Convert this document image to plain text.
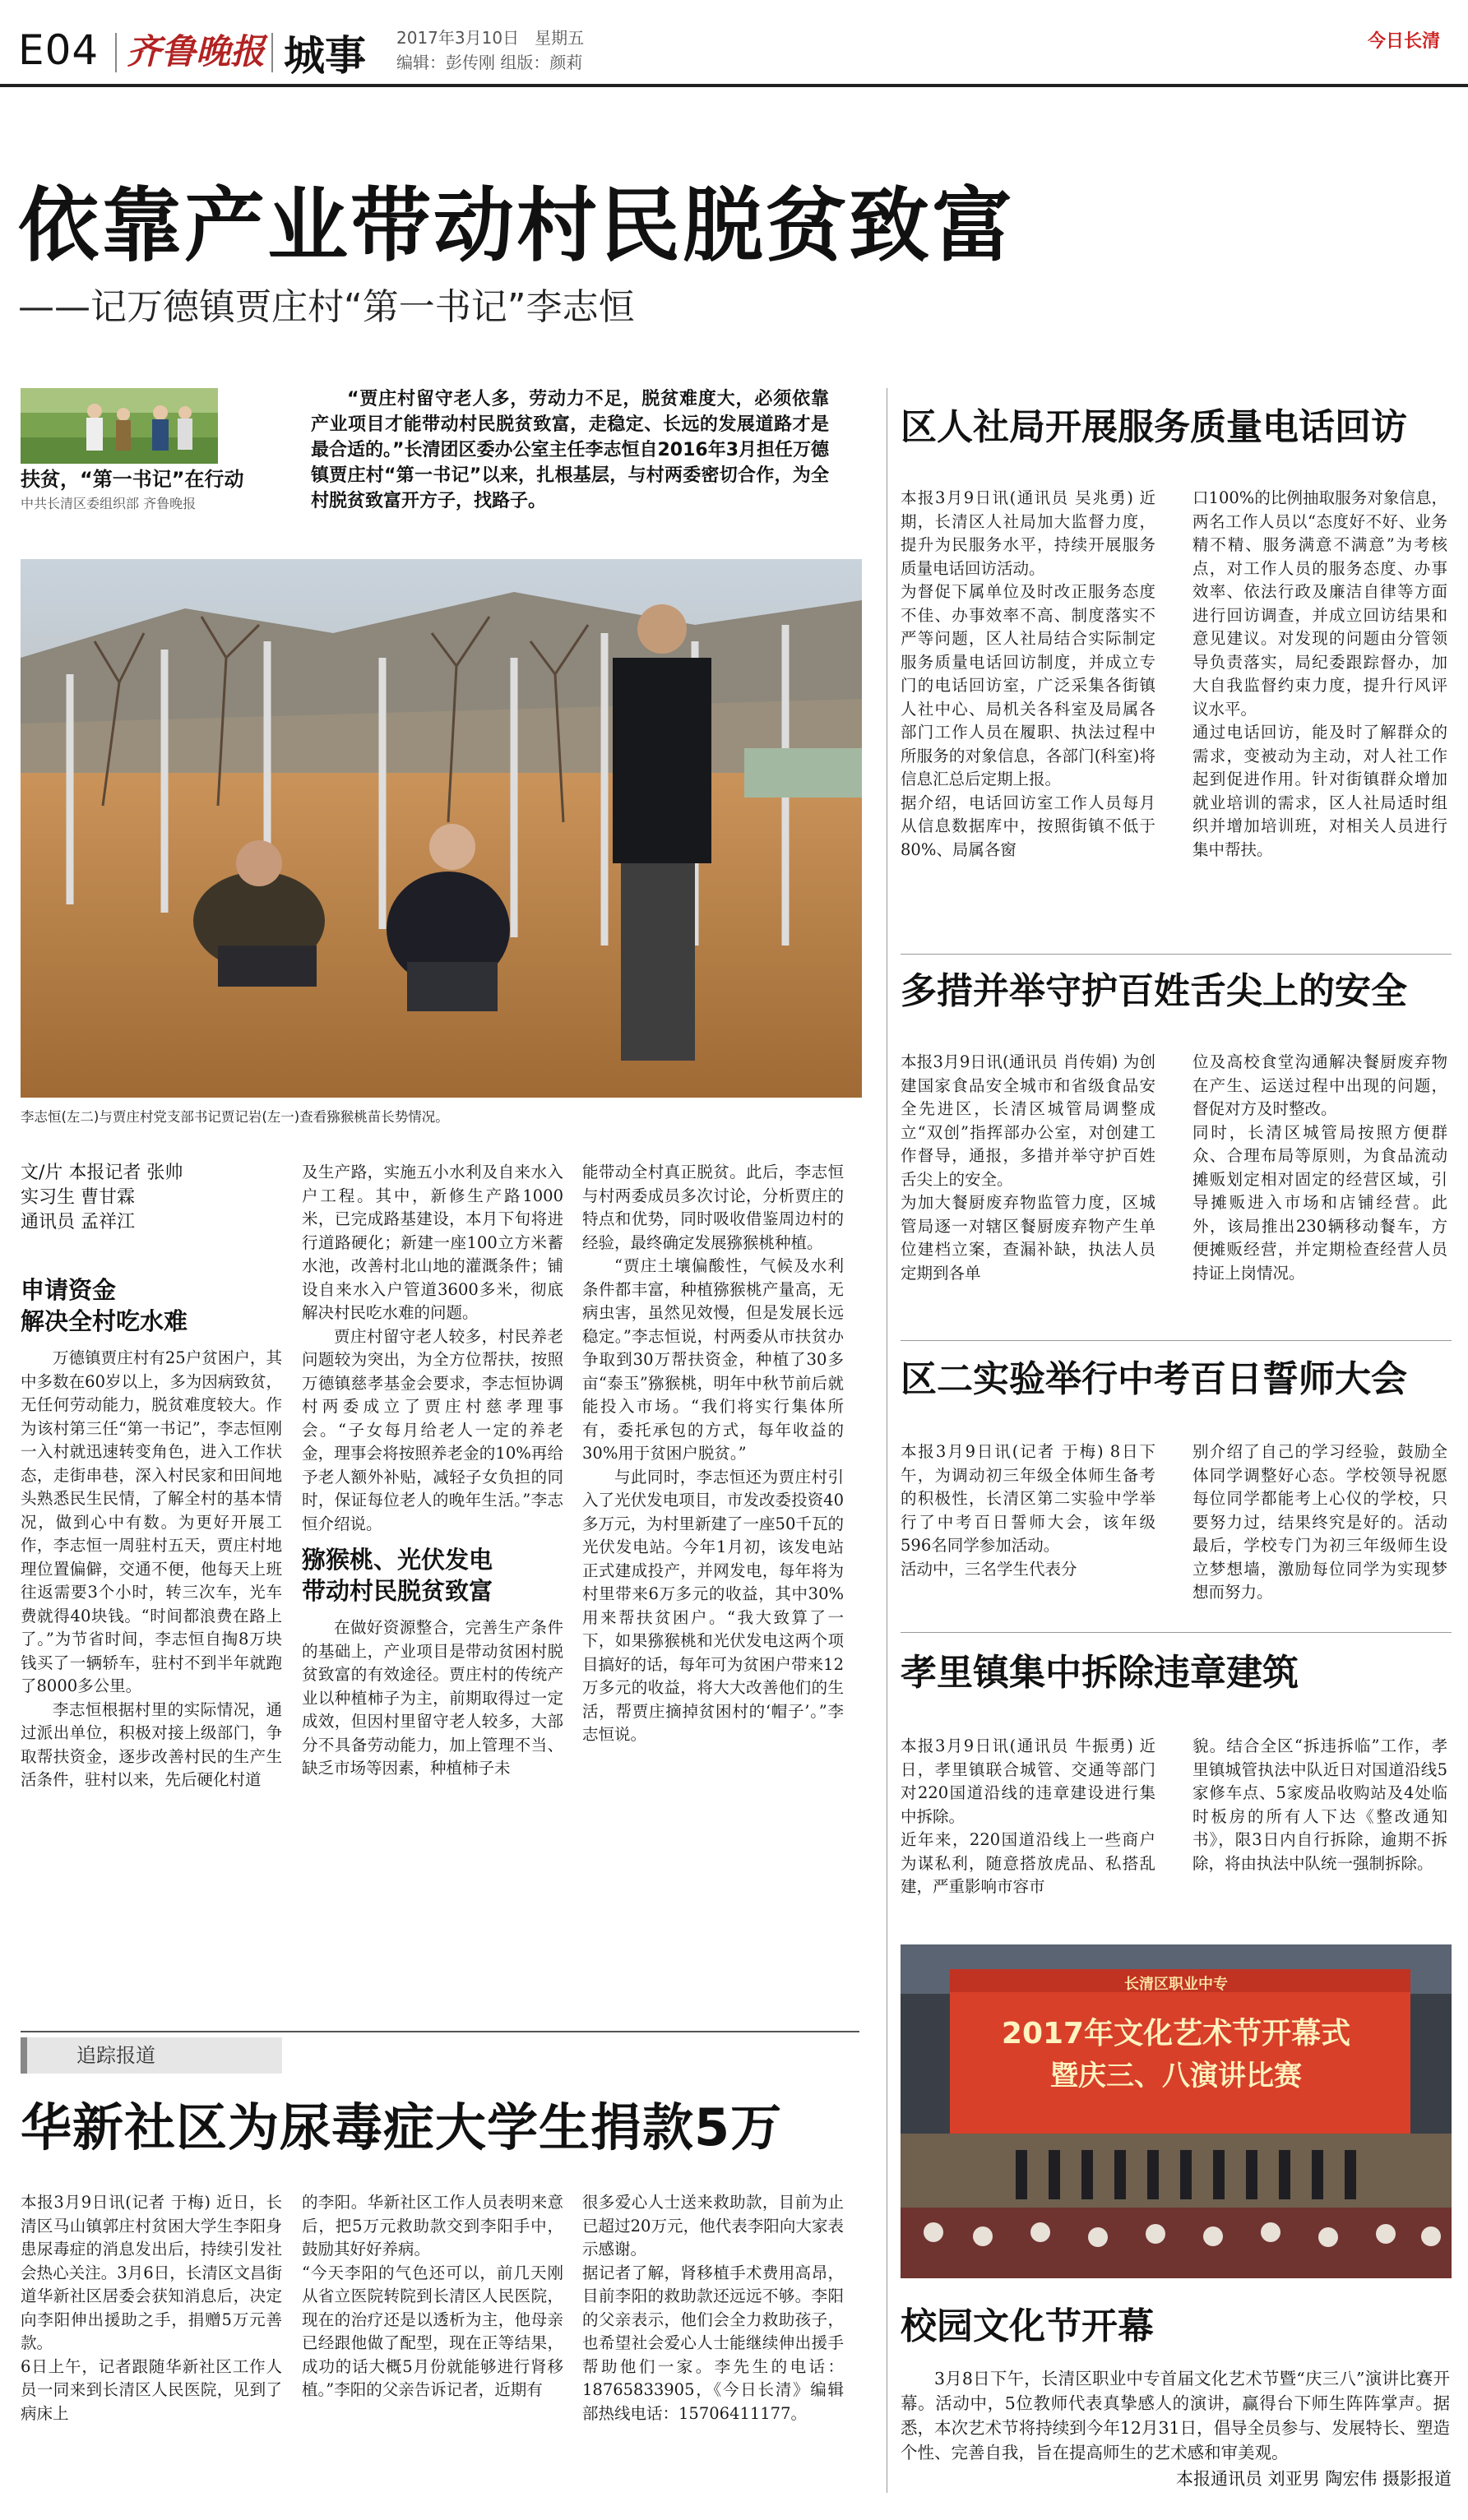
E04 齐鲁晚报 城事 2017年3月10日 星期五
编辑：彭传刚 组版：颜莉
今日长清
依靠产业带动村民脱贫致富
——记万德镇贾庄村“第一书记”李志恒
扶贫，“第一书记”在行动
中共长清区委组织部 齐鲁晚报
“贾庄村留守老人多，劳动力不足，脱贫难度大，必须依靠产业项目才能带动村民脱贫致富，走稳定、长远的发展道路才是最合适的。”长清团区委办公室主任李志恒自2016年3月担任万德镇贾庄村“第一书记”以来，扎根基层，与村两委密切合作，为全村脱贫致富开方子，找路子。
李志恒(左二)与贾庄村党支部书记贾记岩(左一)查看猕猴桃苗长势情况。
文/片 本报记者 张帅
实习生 曹甘霖
通讯员 孟祥江
申请资金
解决全村吃水难

万德镇贾庄村有25户贫困户，其中多数在60岁以上，多为因病致贫，无任何劳动能力，脱贫难度较大。作为该村第三任“第一书记”，李志恒刚一入村就迅速转变角色，进入工作状态，走街串巷，深入村民家和田间地头熟悉民生民情，了解全村的基本情况，做到心中有数。为更好开展工作，李志恒一周驻村五天，贾庄村地理位置偏僻，交通不便，他每天上班往返需要3个小时，转三次车，光车费就得40块钱。“时间都浪费在路上了。”为节省时间，李志恒自掏8万块钱买了一辆轿车，驻村不到半年就跑了8000多公里。

李志恒根据村里的实际情况，通过派出单位，积极对接上级部门，争取帮扶资金，逐步改善村民的生产生活条件，驻村以来，先后硬化村道

及生产路，实施五小水利及自来水入户工程。其中，新修生产路1000米，已完成路基建设，本月下旬将进行道路硬化；新建一座100立方米蓄水池，改善村北山地的灌溉条件；铺设自来水入户管道3600多米，彻底解决村民吃水难的问题。

贾庄村留守老人较多，村民养老问题较为突出，为全方位帮扶，按照万德镇慈孝基金会要求，李志恒协调村两委成立了贾庄村慈孝理事会。“子女每月给老人一定的养老金，理事会将按照养老金的10%再给予老人额外补贴，减轻子女负担的同时，保证每位老人的晚年生活。”李志恒介绍说。

猕猴桃、光伏发电
带动村民脱贫致富

在做好资源整合，完善生产条件的基础上，产业项目是带动贫困村脱贫致富的有效途径。贾庄村的传统产业以种植柿子为主，前期取得过一定成效，但因村里留守老人较多，大部分不具备劳动能力，加上管理不当、缺乏市场等因素，种植柿子未

能带动全村真正脱贫。此后，李志恒与村两委成员多次讨论，分析贾庄的特点和优势，同时吸收借鉴周边村的经验，最终确定发展猕猴桃种植。

“贾庄土壤偏酸性，气候及水利条件都丰富，种植猕猴桃产量高，无病虫害，虽然见效慢，但是发展长远稳定。”李志恒说，村两委从市扶贫办争取到30万帮扶资金，种植了30多亩“泰玉”猕猴桃，明年中秋节前后就能投入市场。“我们将实行集体所有，委托承包的方式，每年收益的30%用于贫困户脱贫。”

与此同时，李志恒还为贾庄村引入了光伏发电项目，市发改委投资40多万元，为村里新建了一座50千瓦的光伏发电站。今年1月初，该发电站正式建成投产，并网发电，每年将为村里带来6万多元的收益，其中30%用来帮扶贫困户。“我大致算了一下，如果猕猴桃和光伏发电这两个项目搞好的话，每年可为贫困户带来12万多元的收益，将大大改善他们的生活，帮贾庄摘掉贫困村的‘帽子’。”李志恒说。

追踪报道
华新社区为尿毒症大学生捐款5万
本报3月9日讯(记者 于梅) 近日，长清区马山镇郭庄村贫困大学生李阳身患尿毒症的消息发出后，持续引发社会热心关注。3月6日，长清区文昌街道华新社区居委会获知消息后，决定向李阳伸出援助之手，捐赠5万元善款。
6日上午，记者跟随华新社区工作人员一同来到长清区人民医院，见到了病床上
的李阳。华新社区工作人员表明来意后，把5万元救助款交到李阳手中，鼓励其好好养病。
“今天李阳的气色还可以，前几天刚从省立医院转院到长清区人民医院，现在的治疗还是以透析为主，他母亲已经跟他做了配型，现在正等结果，成功的话大概5月份就能够进行肾移植。”李阳的父亲告诉记者，近期有
很多爱心人士送来救助款，目前为止已超过20万元，他代表李阳向大家表示感谢。
据记者了解，肾移植手术费用高昂，目前李阳的救助款还远远不够。李阳的父亲表示，他们会全力救助孩子，也希望社会爱心人士能继续伸出援手帮助他们一家。李先生的电话：18765833905，《今日长清》编辑部热线电话：15706411177。
区人社局开展服务质量电话回访
本报3月9日讯(通讯员 吴兆勇) 近期，长清区人社局加大监督力度，提升为民服务水平，持续开展服务质量电话回访活动。
为督促下属单位及时改正服务态度不佳、办事效率不高、制度落实不严等问题，区人社局结合实际制定服务质量电话回访制度，并成立专门的电话回访室，广泛采集各街镇人社中心、局机关各科室及局属各部门工作人员在履职、执法过程中所服务的对象信息，各部门(科室)将信息汇总后定期上报。
据介绍，电话回访室工作人员每月从信息数据库中，按照街镇不低于80%、局属各窗
口100%的比例抽取服务对象信息，两名工作人员以“态度好不好、业务精不精、服务满意不满意”为考核点，对工作人员的服务态度、办事效率、依法行政及廉洁自律等方面进行回访调查，并成立回访结果和意见建议。对发现的问题由分管领导负责落实，局纪委跟踪督办，加大自我监督约束力度，提升行风评议水平。
通过电话回访，能及时了解群众的需求，变被动为主动，对人社工作起到促进作用。针对街镇群众增加就业培训的需求，区人社局适时组织并增加培训班，对相关人员进行集中帮扶。
多措并举守护百姓舌尖上的安全
本报3月9日讯(通讯员 肖传娟) 为创建国家食品安全城市和省级食品安全先进区，长清区城管局调整成立“双创”指挥部办公室，对创建工作督导，通报，多措并举守护百姓舌尖上的安全。
为加大餐厨废弃物监管力度，区城管局逐一对辖区餐厨废弃物产生单位建档立案，查漏补缺，执法人员定期到各单
位及高校食堂沟通解决餐厨废弃物在产生、运送过程中出现的问题，督促对方及时整改。
同时，长清区城管局按照方便群众、合理布局等原则，为食品流动摊贩划定相对固定的经营区域，引导摊贩进入市场和店铺经营。此外，该局推出230辆移动餐车，方便摊贩经营，并定期检查经营人员持证上岗情况。
区二实验举行中考百日誓师大会
本报3月9日讯(记者 于梅) 8日下午，为调动初三年级全体师生备考的积极性，长清区第二实验中学举行了中考百日誓师大会，该年级596名同学参加活动。
活动中，三名学生代表分
别介绍了自己的学习经验，鼓励全体同学调整好心态。学校领导祝愿每位同学都能考上心仪的学校，只要努力过，结果终究是好的。活动最后，学校专门为初三年级师生设立梦想墙，激励每位同学为实现梦想而努力。
孝里镇集中拆除违章建筑
本报3月9日讯(通讯员 牛振勇) 近日，孝里镇联合城管、交通等部门对220国道沿线的违章建设进行集中拆除。
近年来，220国道沿线上一些商户为谋私利，随意搭放虎品、私搭乱建，严重影响市容市
貌。结合全区“拆违拆临”工作，孝里镇城管执法中队近日对国道沿线5家修车点、5家废品收购站及4处临时板房的所有人下达《整改通知书》，限3日内自行拆除，逾期不拆除，将由执法中队统一强制拆除。
长清区职业中专
2017年文化艺术节开幕式
暨庆三、八演讲比赛
校园文化节开幕
3月8日下午，长清区职业中专首届文化艺术节暨“庆三八”演讲比赛开幕。活动中，5位教师代表真挚感人的演讲，赢得台下师生阵阵掌声。据悉，本次艺术节将持续到今年12月31日，倡导全员参与、发展特长、塑造个性、完善自我，旨在提高师生的艺术感和审美观。
本报通讯员 刘亚男 陶宏伟 摄影报道
